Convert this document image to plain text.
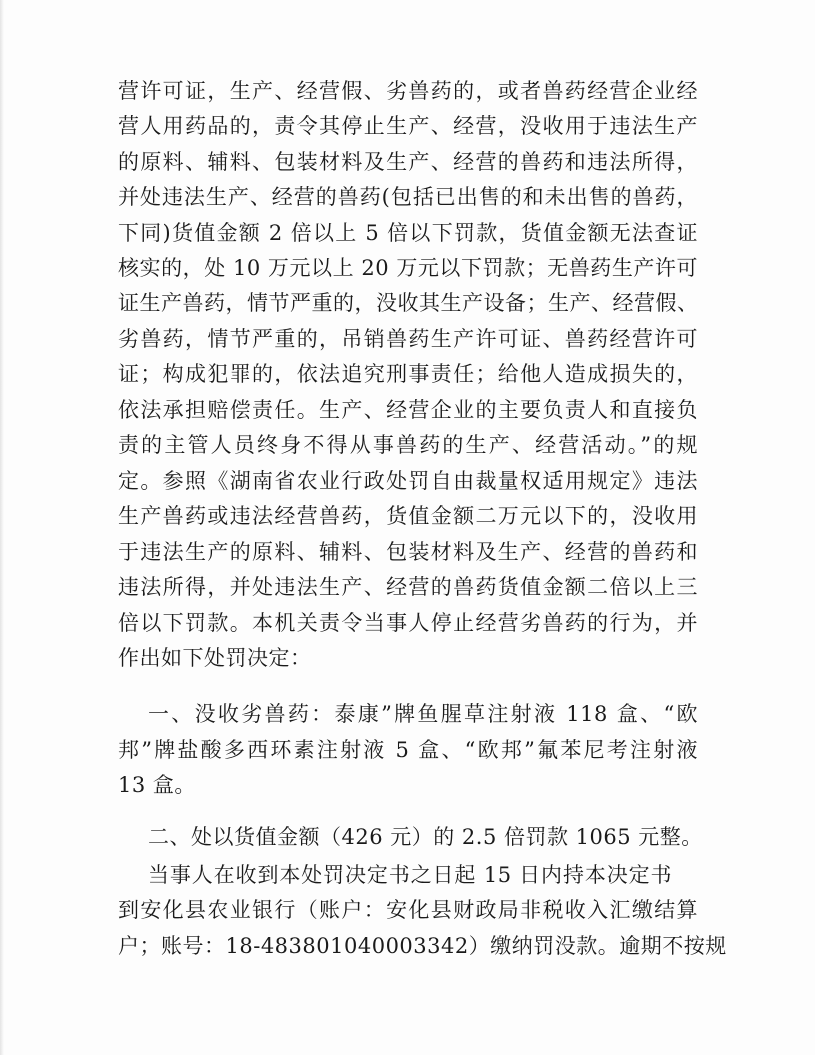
营许可证，生产、经营假、劣兽药的，或者兽药经营企业经
营人用药品的，责令其停止生产、经营，没收用于违法生产
的原料、辅料、包装材料及生产、经营的兽药和违法所得，
并处违法生产、经营的兽药(包括已出售的和未出售的兽药，
下同)货值金额 2 倍以上 5 倍以下罚款，货值金额无法查证
核实的，处 10 万元以上 20 万元以下罚款；无兽药生产许可
证生产兽药，情节严重的，没收其生产设备；生产、经营假、
劣兽药，情节严重的，吊销兽药生产许可证、兽药经营许可
证；构成犯罪的，依法追究刑事责任；给他人造成损失的，
依法承担赔偿责任。生产、经营企业的主要负责人和直接负
责的主管人员终身不得从事兽药的生产、经营活动。”的规
定。参照《湖南省农业行政处罚自由裁量权适用规定》违法
生产兽药或违法经营兽药，货值金额二万元以下的，没收用
于违法生产的原料、辅料、包装材料及生产、经营的兽药和
违法所得，并处违法生产、经营的兽药货值金额二倍以上三
倍以下罚款。本机关责令当事人停止经营劣兽药的行为，并
作出如下处罚决定：
一、没收劣兽药：泰康”牌鱼腥草注射液 118 盒、“欧
邦”牌盐酸多西环素注射液 5 盒、“欧邦”氟苯尼考注射液
13 盒。
二、处以货值金额（426 元）的 2.5 倍罚款 1065 元整。
当事人在收到本处罚决定书之日起 15 日内持本决定书
到安化县农业银行（账户：安化县财政局非税收入汇缴结算
户；账号：18-483801040003342）缴纳罚没款。逾期不按规
